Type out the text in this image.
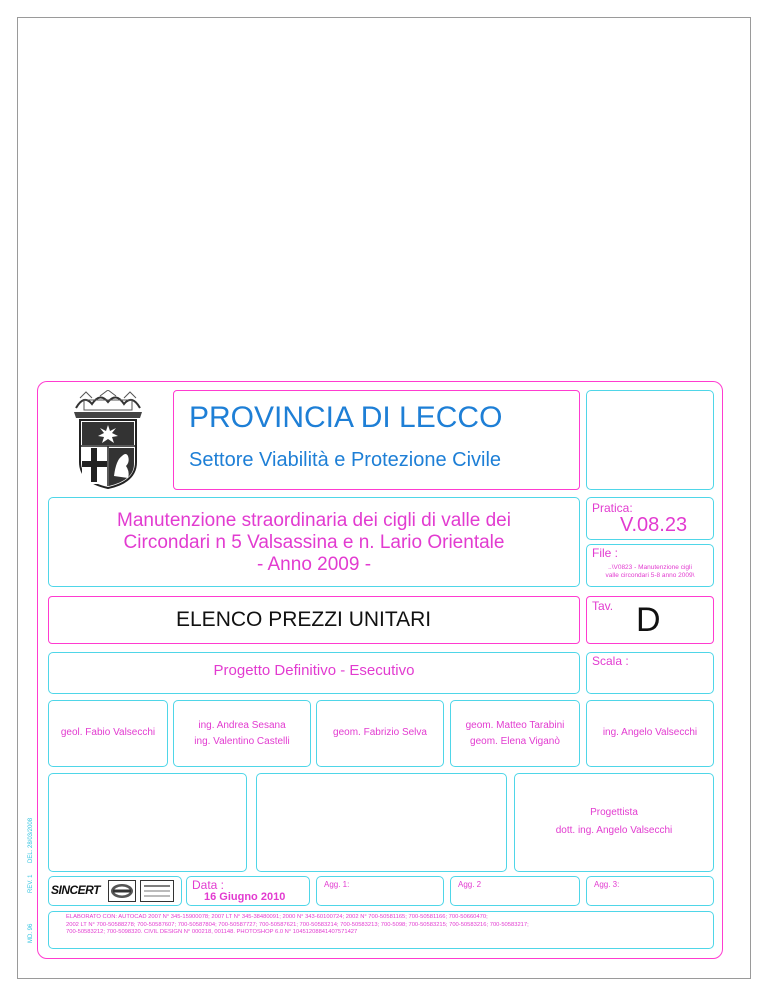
MD. 96
REV. 1
DEL. 28/03/2008
PROVINCIA DI LECCO
Settore Viabilità e Protezione Civile
Manutenzione straordinaria dei cigli di valle dei
Circondari n 5 Valsassina e n. Lario Orientale
- Anno 2009 -
Pratica:
V.08.23
File :
..\V0823 - Manutenzione cigli
valle circondari 5-8 anno 2009\
ELENCO PREZZI UNITARI
Tav. D
Progetto Definitivo - Esecutivo
Scala :
geol. Fabio Valsecchi
ing. Andrea Sesana
ing. Valentino Castelli
geom. Fabrizio Selva
geom. Matteo Tarabini
geom. Elena Viganò
ing. Angelo Valsecchi
Progettista
dott. ing. Angelo Valsecchi
SINCERT	Data :
16 Giugno 2010
Agg. 1:	Agg. 2	Agg. 3:
ELABORATO CON: AUTOCAD 2007 N° 345-15900078; 2007 LT N° 345-38480091; 2000 N° 343-60100724; 2002 N° 700-50581165; 700-50581166; 700-50660470;
2002 LT N° 700-50588278; 700-50587607; 700-50587804; 700-50587727; 700-50587621; 700-50583214; 700-50583213; 700-5098; 700-50583215; 700-50583216; 700-50583217;
700-50583212; 700-5098320. CIVIL DESIGN N° 000218, 001148. PHOTOSHOP 6.0 N° 10451208841407571427
